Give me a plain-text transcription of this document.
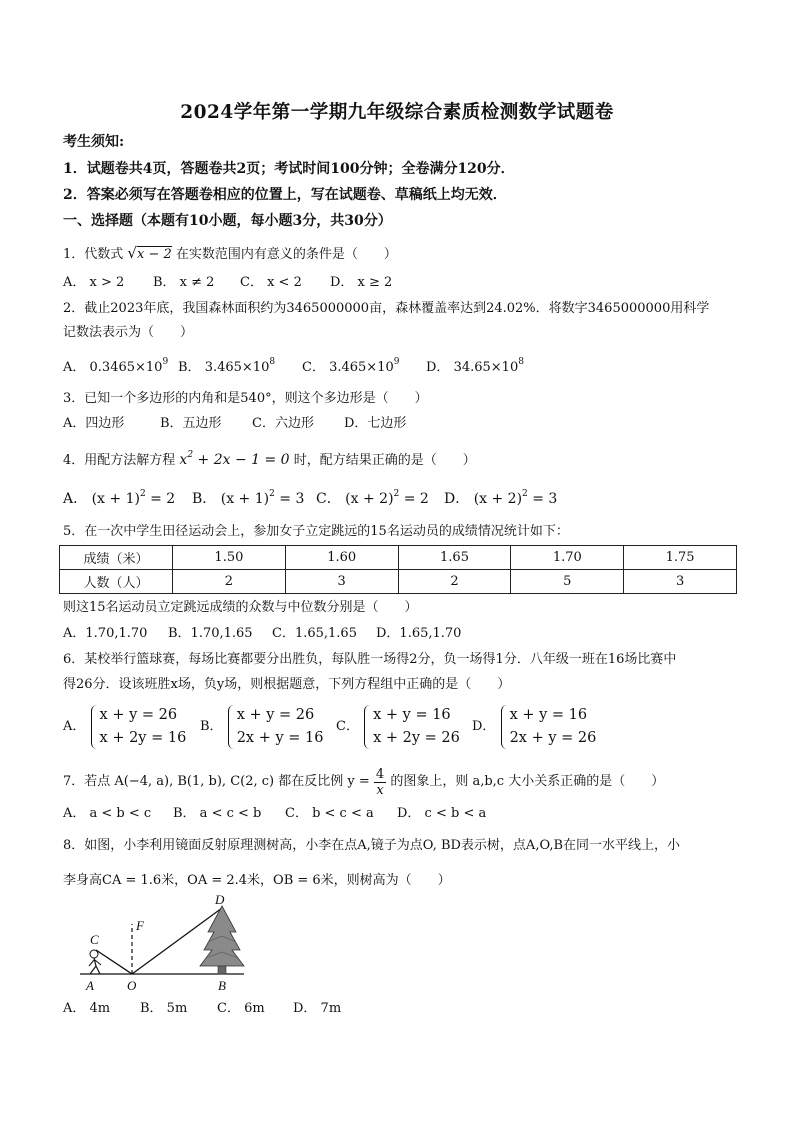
2024学年第一学期九年级综合素质检测数学试题卷
考生须知:
1．试题卷共4页，答题卷共2页；考试时间100分钟；全卷满分120分．
2．答案必须写在答题卷相应的位置上，写在试题卷、草稿纸上均无效．
一、选择题（本题有10小题，每小题3分，共30分）
1．代数式 √x − 2 在实数范围内有意义的条件是（　　）
A． x > 2 B． x ≠ 2 C． x < 2 D． x ≥ 2
2．截止2023年底，我国森林面积约为3465000000亩，森林覆盖率达到24.02%．将数字3465000000用科学
记数法表示为（　　）
A． $0.3465\times 10^9$ B． $3.465\times 10^8$ C． $3.465\times 10^9$ D． $34.65\times 10^8$
3．已知一个多边形的内角和是540°，则这个多边形是（　　）
A．四边形	B．五边形 C．六边形 D．七边形
4．用配方法解方程 $x^2 + 2x - 1 = 0$ 时，配方结果正确的是（　　）
A． $(x + 1)^2 = 2$ B． $(x + 1)^2 = 3$ C． $(x + 2)^2 = 2$ D． $(x + 2)^2 = 3$
5．在一次中学生田径运动会上，参加女子立定跳远的15名运动员的成绩情况统计如下：
成绩（米）	1.50	1.60	1.65	1.70	1.75
人数（人）	2	3	2	5	3
则这15名运动员立定跳远成绩的众数与中位数分别是（　　）
A．1.70,1.70 B．1.70,1.65 C．1.65,1.65 D．1.65,1.70
6．某校举行篮球赛，每场比赛都要分出胜负，每队胜一场得2分，负一场得1分．八年级一班在16场比赛中
得26分．设该班胜x场，负y场，则根据题意，下列方程组中正确的是（　　）
A．
x + y = 26
x + 2y = 16
B．
x + y = 26
2x + y = 16
C．
x + y = 16
x + 2y = 26
D．
x + y = 16
2x + y = 26
7．若点 A(−4, a), B(1, b), C(2, c) 都在反比例 $y = \frac{4}{x}$ 的图象上，则 a,b,c 大小关系正确的是（　　）
A． a < b < c B． a < c < b C． b < c < a D． c < b < a
8．如图，小李利用镜面反射原理测树高，小李在点A,镜子为点O, BD表示树，点A,O,B在同一水平线上，小
李身高CA = 1.6米，OA = 2.4米，OB = 6米，则树高为（　　）
C
F
D
A	O	B
A． 4m B． 5m C． 6m D． 7m
